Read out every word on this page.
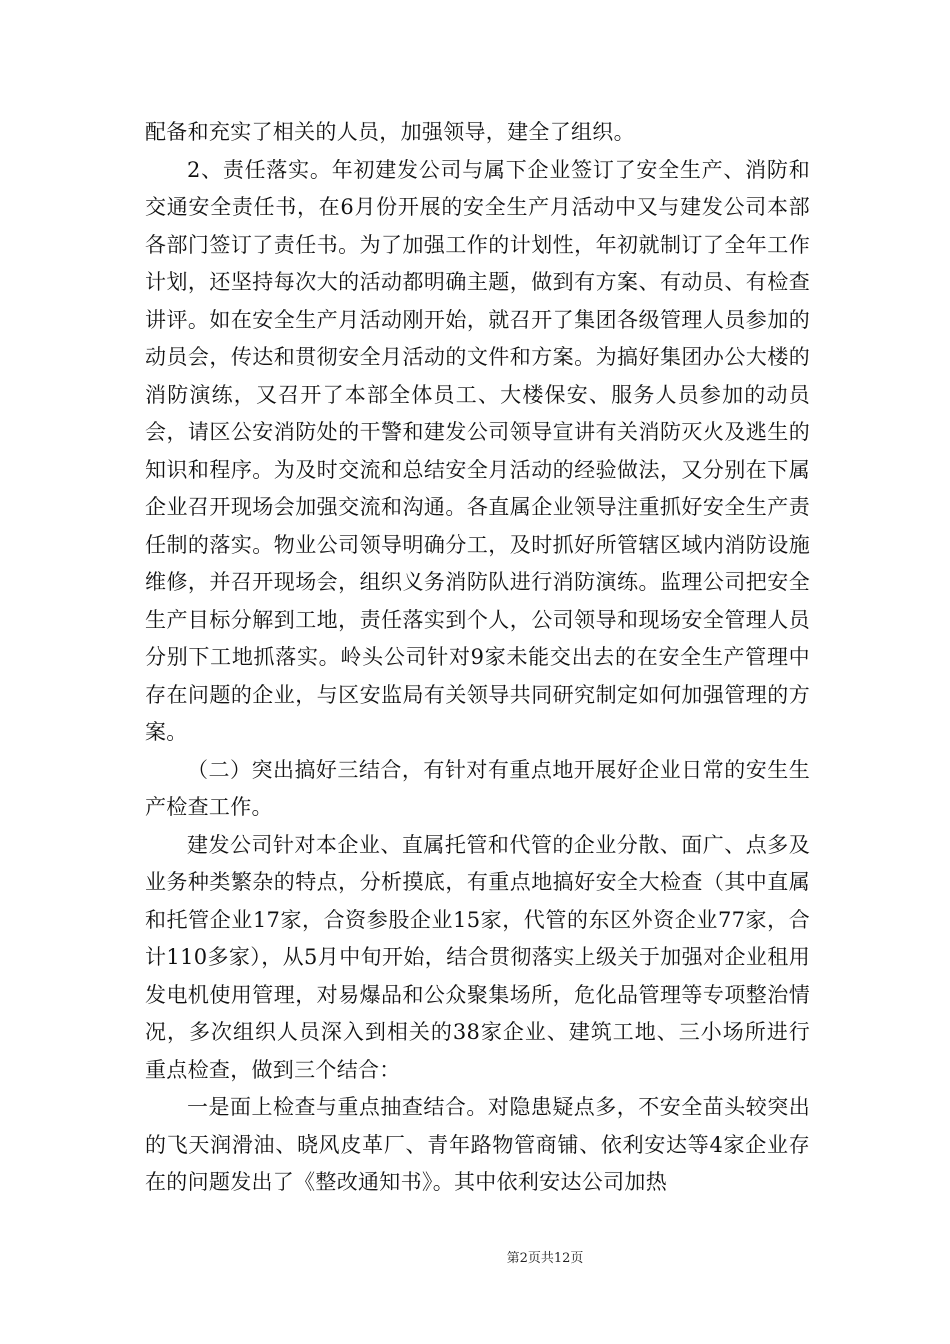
配备和充实了相关的人员，加强领导，建全了组织。

2、责任落实。年初建发公司与属下企业签订了安全生产、消防和交通安全责任书，在6月份开展的安全生产月活动中又与建发公司本部各部门签订了责任书。为了加强工作的计划性，年初就制订了全年工作计划，还坚持每次大的活动都明确主题，做到有方案、有动员、有检查讲评。如在安全生产月活动刚开始，就召开了集团各级管理人员参加的动员会，传达和贯彻安全月活动的文件和方案。为搞好集团办公大楼的消防演练，又召开了本部全体员工、大楼保安、服务人员参加的动员会，请区公安消防处的干警和建发公司领导宣讲有关消防灭火及逃生的知识和程序。为及时交流和总结安全月活动的经验做法，又分别在下属企业召开现场会加强交流和沟通。各直属企业领导注重抓好安全生产责任制的落实。物业公司领导明确分工，及时抓好所管辖区域内消防设施维修，并召开现场会，组织义务消防队进行消防演练。监理公司把安全生产目标分解到工地，责任落实到个人，公司领导和现场安全管理人员分别下工地抓落实。岭头公司针对9家未能交出去的在安全生产管理中存在问题的企业，与区安监局有关领导共同研究制定如何加强管理的方案。

（二）突出搞好三结合，有针对有重点地开展好企业日常的安生生产检查工作。

建发公司针对本企业、直属托管和代管的企业分散、面广、点多及业务种类繁杂的特点，分析摸底，有重点地搞好安全大检查（其中直属和托管企业17家，合资参股企业15家，代管的东区外资企业77家，合计110多家），从5月中旬开始，结合贯彻落实上级关于加强对企业租用发电机使用管理，对易爆品和公众聚集场所，危化品管理等专项整治情况，多次组织人员深入到相关的38家企业、建筑工地、三小场所进行重点检查，做到三个结合：

一是面上检查与重点抽查结合。对隐患疑点多，不安全苗头较突出的飞天润滑油、晓风皮革厂、青年路物管商铺、依利安达等4家企业存在的问题发出了《整改通知书》。其中依利安达公司加热

第2页共12页
